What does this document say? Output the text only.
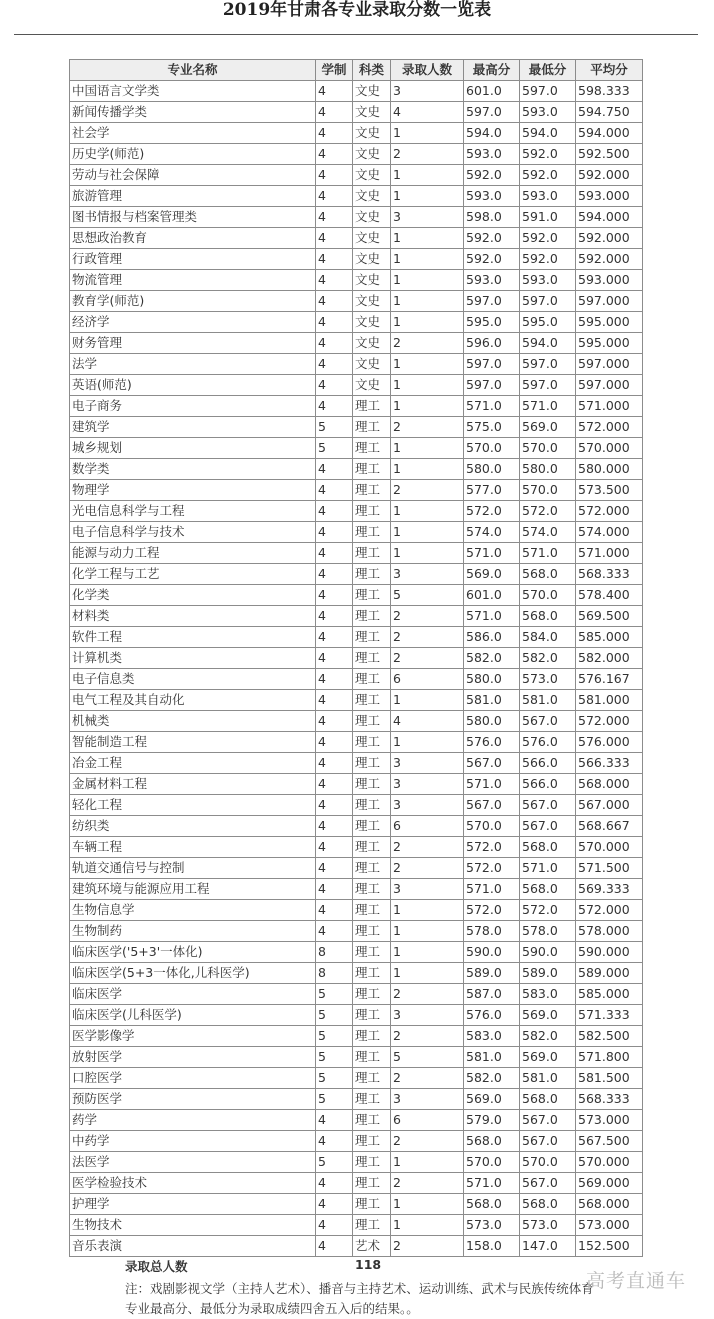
2019年甘肃各专业录取分数一览表
专业名称	学制	科类	录取人数	最高分	最低分	平均分
中国语言文学类	4	文史	3	601.0	597.0	598.333
新闻传播学类	4	文史	4	597.0	593.0	594.750
社会学	4	文史	1	594.0	594.0	594.000
历史学(师范)	4	文史	2	593.0	592.0	592.500
劳动与社会保障	4	文史	1	592.0	592.0	592.000
旅游管理	4	文史	1	593.0	593.0	593.000
图书情报与档案管理类	4	文史	3	598.0	591.0	594.000
思想政治教育	4	文史	1	592.0	592.0	592.000
行政管理	4	文史	1	592.0	592.0	592.000
物流管理	4	文史	1	593.0	593.0	593.000
教育学(师范)	4	文史	1	597.0	597.0	597.000
经济学	4	文史	1	595.0	595.0	595.000
财务管理	4	文史	2	596.0	594.0	595.000
法学	4	文史	1	597.0	597.0	597.000
英语(师范)	4	文史	1	597.0	597.0	597.000
电子商务	4	理工	1	571.0	571.0	571.000
建筑学	5	理工	2	575.0	569.0	572.000
城乡规划	5	理工	1	570.0	570.0	570.000
数学类	4	理工	1	580.0	580.0	580.000
物理学	4	理工	2	577.0	570.0	573.500
光电信息科学与工程	4	理工	1	572.0	572.0	572.000
电子信息科学与技术	4	理工	1	574.0	574.0	574.000
能源与动力工程	4	理工	1	571.0	571.0	571.000
化学工程与工艺	4	理工	3	569.0	568.0	568.333
化学类	4	理工	5	601.0	570.0	578.400
材料类	4	理工	2	571.0	568.0	569.500
软件工程	4	理工	2	586.0	584.0	585.000
计算机类	4	理工	2	582.0	582.0	582.000
电子信息类	4	理工	6	580.0	573.0	576.167
电气工程及其自动化	4	理工	1	581.0	581.0	581.000
机械类	4	理工	4	580.0	567.0	572.000
智能制造工程	4	理工	1	576.0	576.0	576.000
冶金工程	4	理工	3	567.0	566.0	566.333
金属材料工程	4	理工	3	571.0	566.0	568.000
轻化工程	4	理工	3	567.0	567.0	567.000
纺织类	4	理工	6	570.0	567.0	568.667
车辆工程	4	理工	2	572.0	568.0	570.000
轨道交通信号与控制	4	理工	2	572.0	571.0	571.500
建筑环境与能源应用工程	4	理工	3	571.0	568.0	569.333
生物信息学	4	理工	1	572.0	572.0	572.000
生物制药	4	理工	1	578.0	578.0	578.000
临床医学('5+3'一体化)	8	理工	1	590.0	590.0	590.000
临床医学(5+3一体化,儿科医学)	8	理工	1	589.0	589.0	589.000
临床医学	5	理工	2	587.0	583.0	585.000
临床医学(儿科医学)	5	理工	3	576.0	569.0	571.333
医学影像学	5	理工	2	583.0	582.0	582.500
放射医学	5	理工	5	581.0	569.0	571.800
口腔医学	5	理工	2	582.0	581.0	581.500
预防医学	5	理工	3	569.0	568.0	568.333
药学	4	理工	6	579.0	567.0	573.000
中药学	4	理工	2	568.0	567.0	567.500
法医学	5	理工	1	570.0	570.0	570.000
医学检验技术	4	理工	2	571.0	567.0	569.000
护理学	4	理工	1	568.0	568.0	568.000
生物技术	4	理工	1	573.0	573.0	573.000
音乐表演	4	艺术	2	158.0	147.0	152.500
录取总人数	118
注：戏剧影视文学（主持人艺术）、播音与主持艺术、运动训练、武术与民族传统体育专业最高分、最低分为录取成绩四舍五入后的结果。。
高考直通车
